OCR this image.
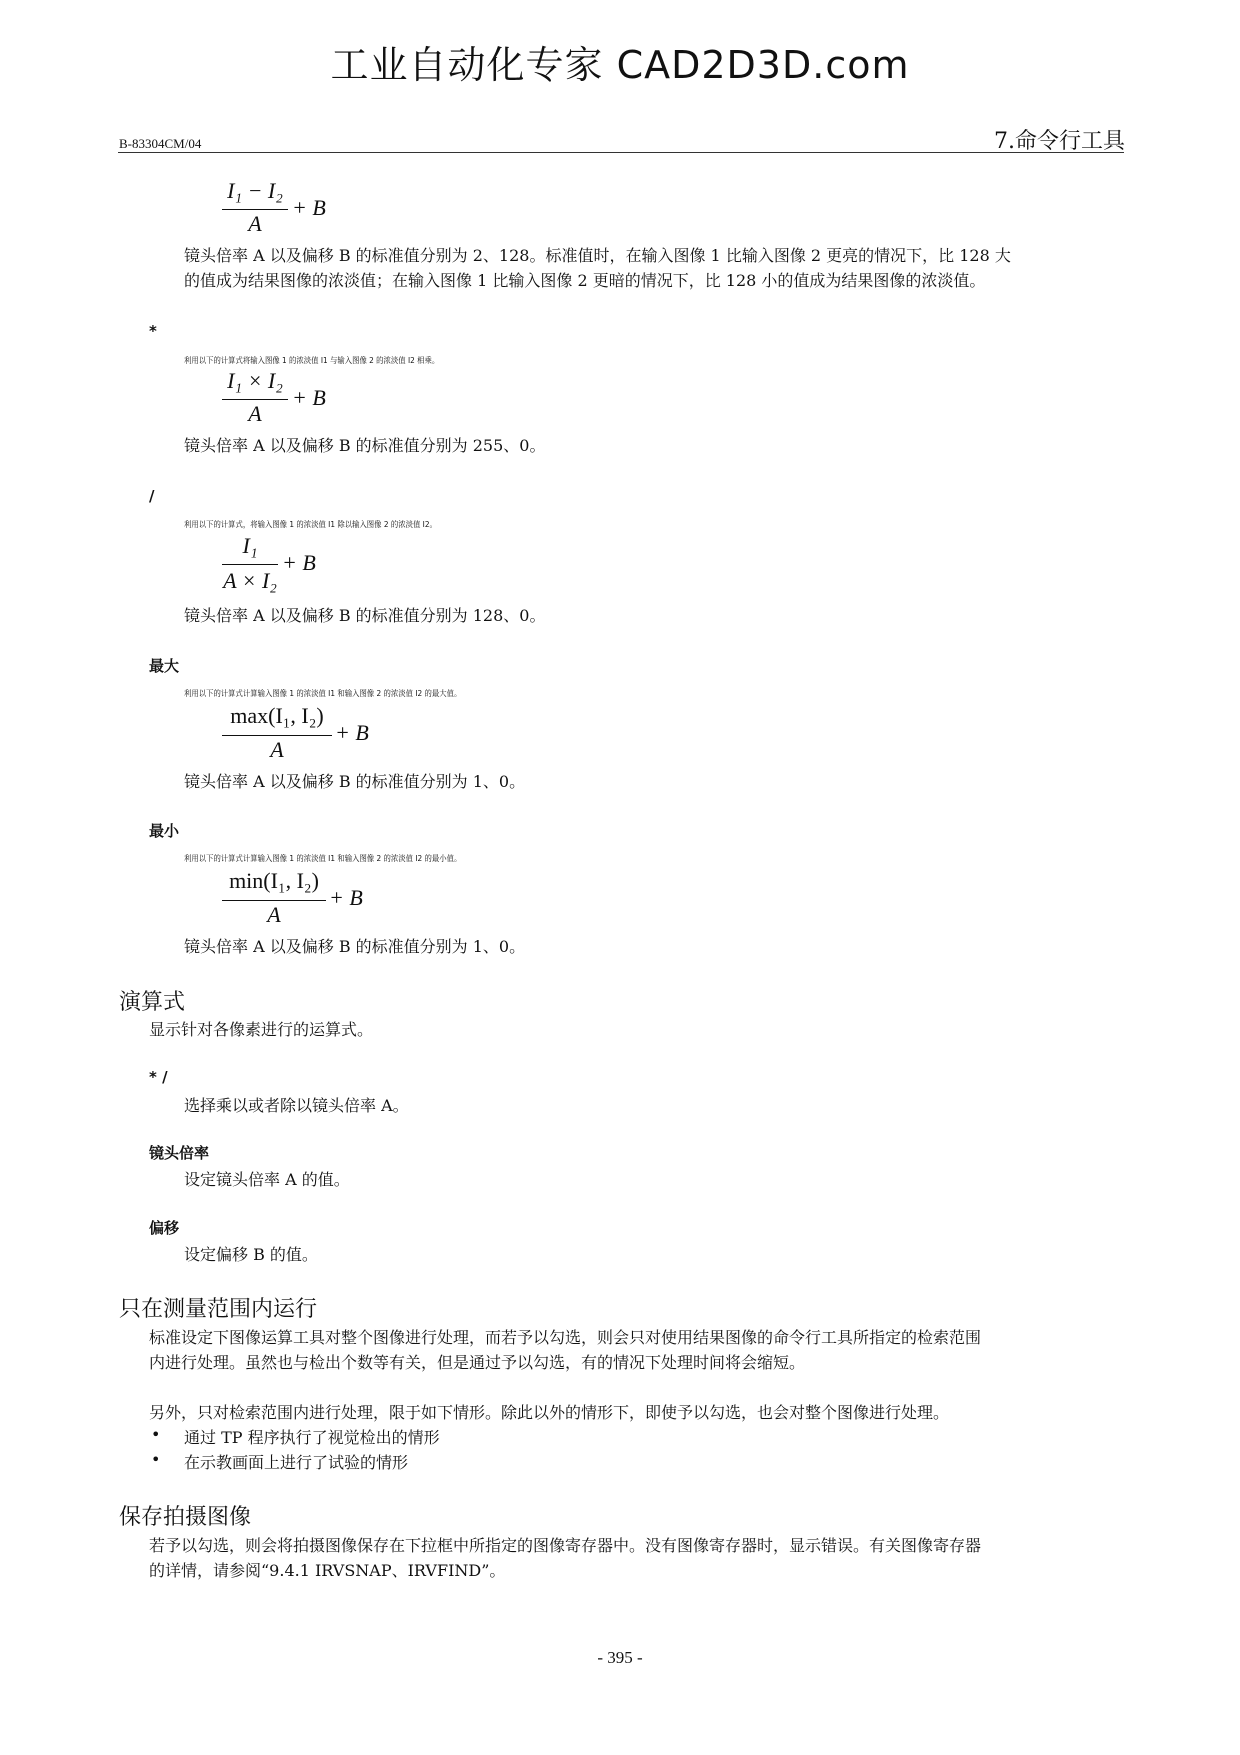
工业自动化专家 CAD2D3D.com
B-83304CM/04	7.命令行工具
I₁ − I₂
A
+ B
镜头倍率 A 以及偏移 B 的标准值分别为 2、128。标准值时，在输入图像 1 比输入图像 2 更亮的情况下，比 128 大
的值成为结果图像的浓淡值；在输入图像 1 比输入图像 2 更暗的情况下，比 128 小的值成为结果图像的浓淡值。
*
利用以下的计算式将输入图像 1 的浓淡值 I1 与输入图像 2 的浓淡值 I2 相乘。
I₁ × I₂
A
+ B
镜头倍率 A 以及偏移 B 的标准值分别为 255、0。
/
利用以下的计算式，将输入图像 1 的浓淡值 I1 除以输入图像 2 的浓淡值 I2。
I₁
A × I₂
+ B
镜头倍率 A 以及偏移 B 的标准值分别为 128、0。
最大
利用以下的计算式计算输入图像 1 的浓淡值 I1 和输入图像 2 的浓淡值 I2 的最大值。
max(I₁, I₂)
A
+ B
镜头倍率 A 以及偏移 B 的标准值分别为 1、0。
最小
利用以下的计算式计算输入图像 1 的浓淡值 I1 和输入图像 2 的浓淡值 I2 的最小值。
min(I₁, I₂)
A
+ B
镜头倍率 A 以及偏移 B 的标准值分别为 1、0。
演算式
显示针对各像素进行的运算式。
* /
选择乘以或者除以镜头倍率 A。
镜头倍率
设定镜头倍率 A 的值。
偏移
设定偏移 B 的值。
只在测量范围内运行
标准设定下图像运算工具对整个图像进行处理，而若予以勾选，则会只对使用结果图像的命令行工具所指定的检索范围
内进行处理。虽然也与检出个数等有关，但是通过予以勾选，有的情况下处理时间将会缩短。
另外，只对检索范围内进行处理，限于如下情形。除此以外的情形下，即使予以勾选，也会对整个图像进行处理。
• 通过 TP 程序执行了视觉检出的情形
• 在示教画面上进行了试验的情形
保存拍摄图像
若予以勾选，则会将拍摄图像保存在下拉框中所指定的图像寄存器中。没有图像寄存器时，显示错误。有关图像寄存器
的详情，请参阅“9.4.1 IRVSNAP、IRVFIND”。
- 395 -
